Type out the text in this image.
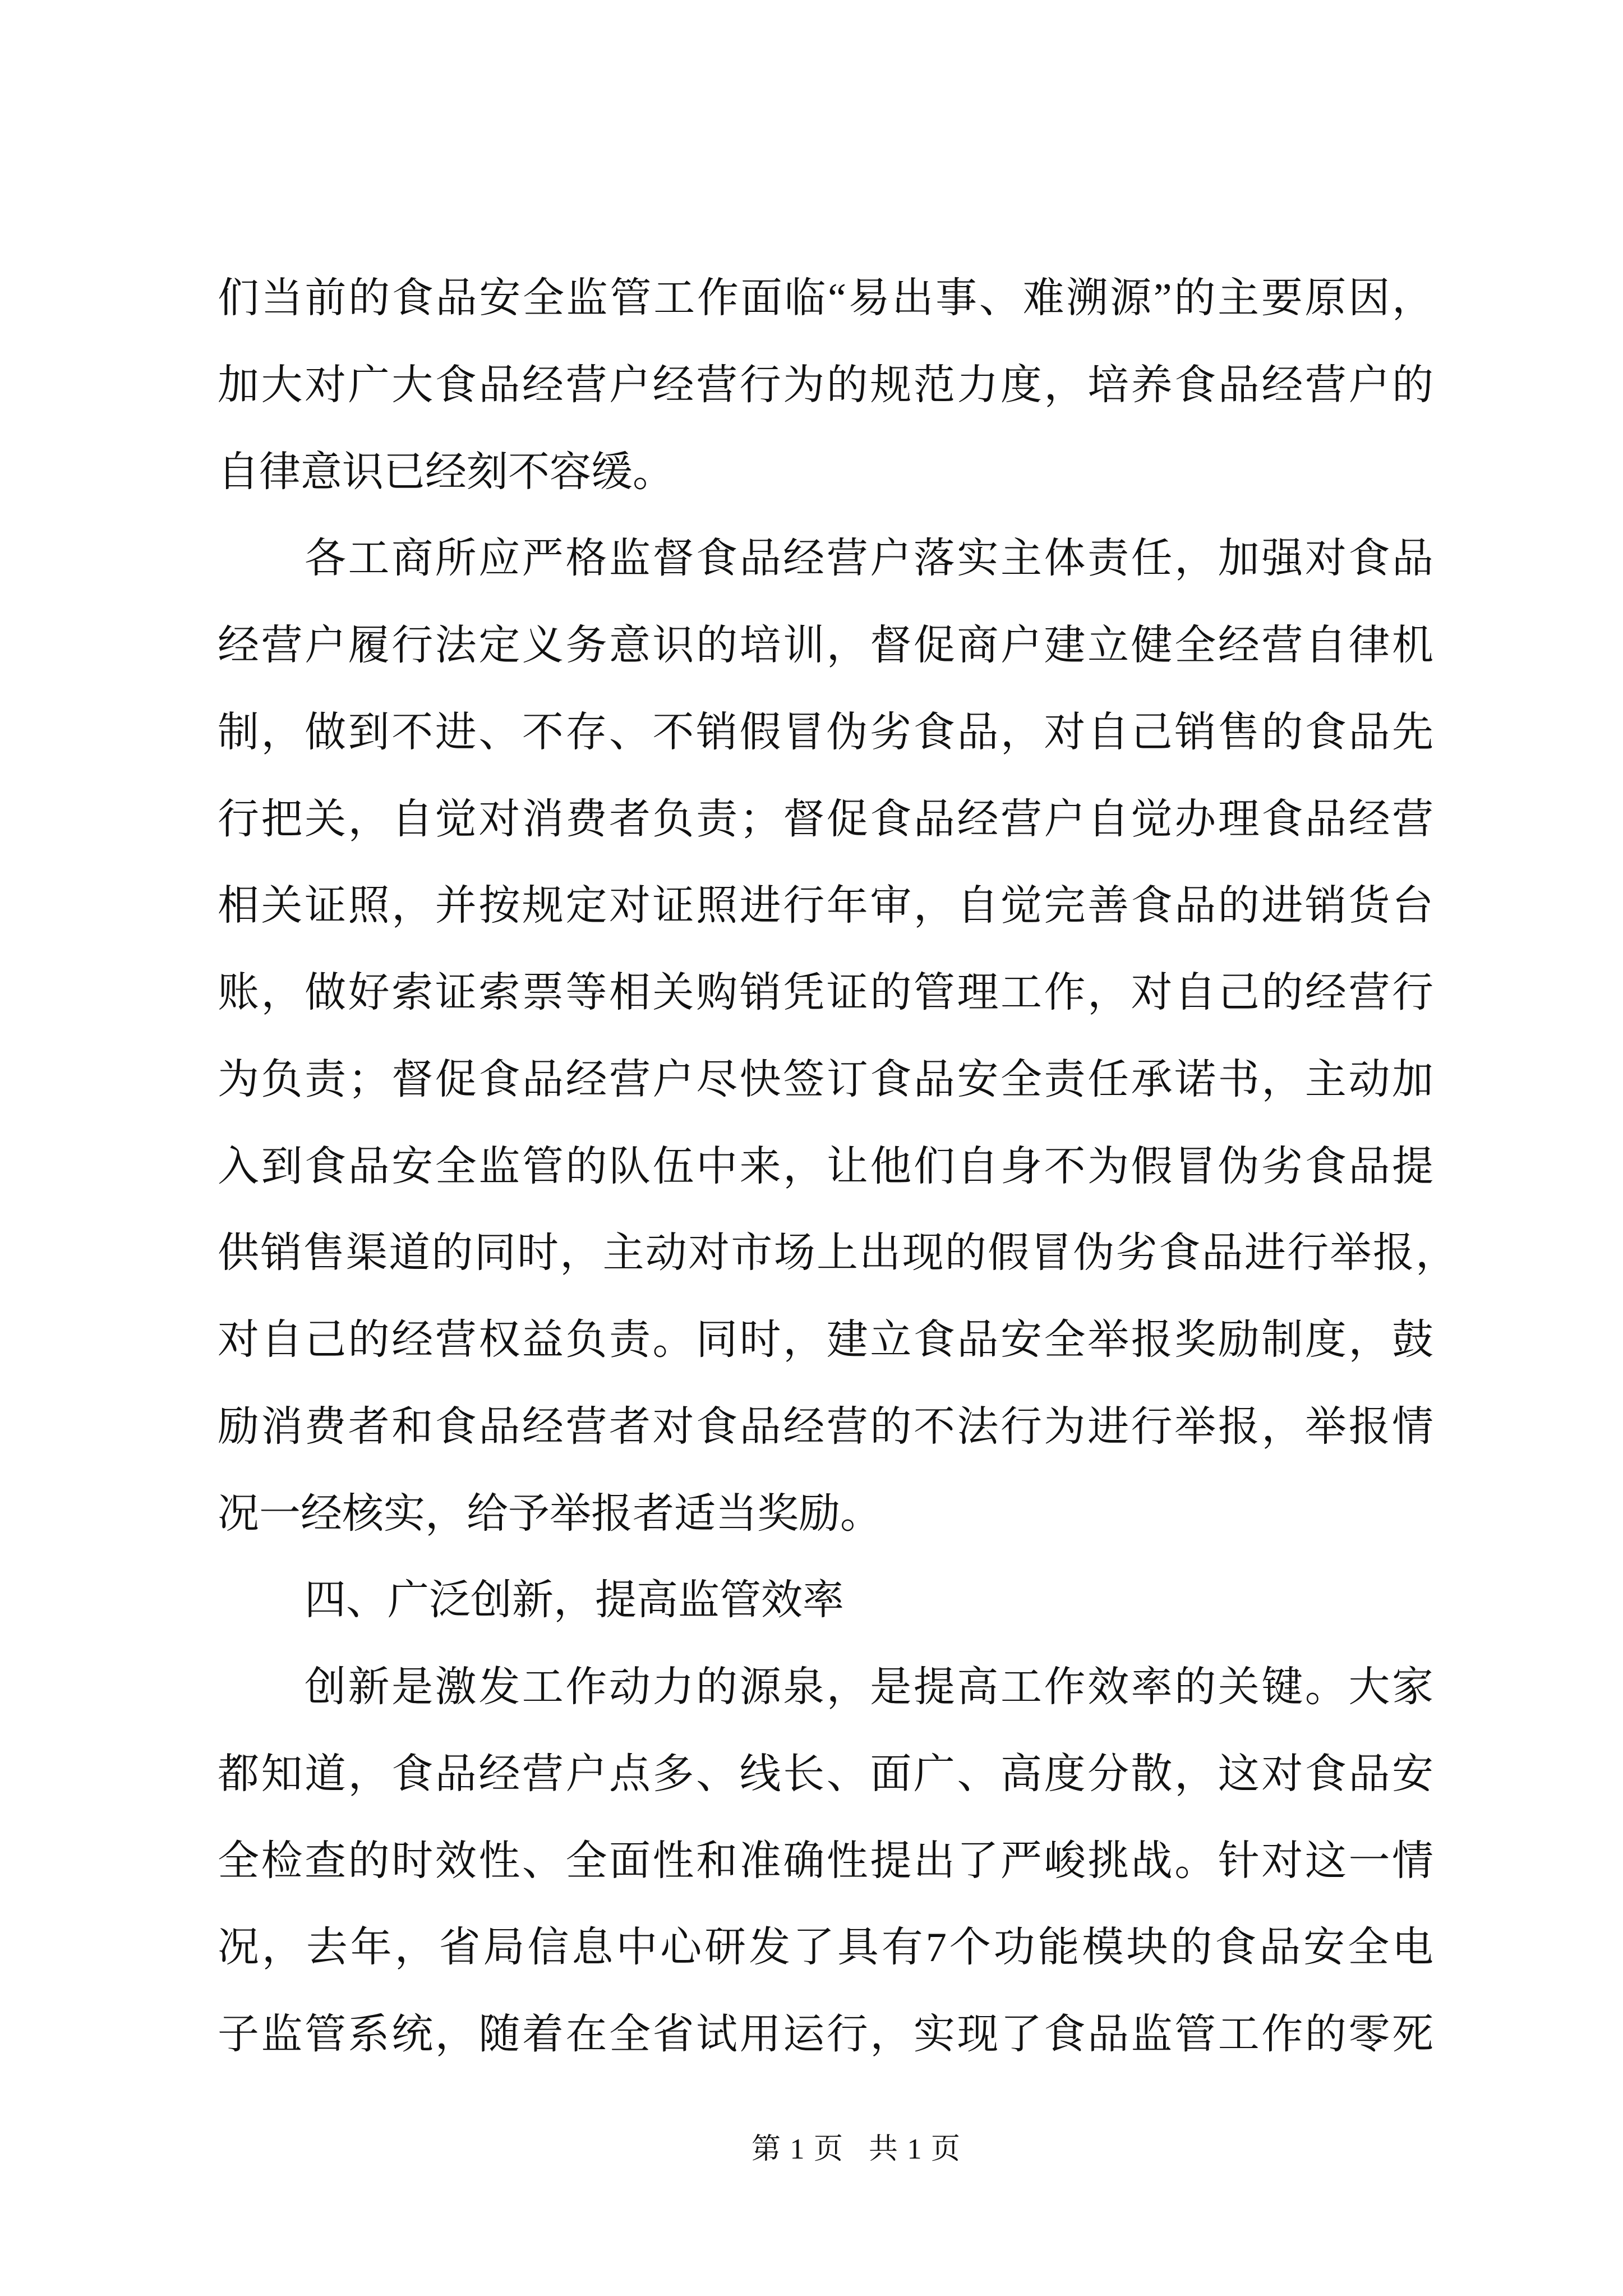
们当前的食品安全监管工作面临“易出事、难溯源”的主要原因，
加大对广大食品经营户经营行为的规范力度，培养食品经营户的
自律意识已经刻不容缓。
各工商所应严格监督食品经营户落实主体责任，加强对食品
经营户履行法定义务意识的培训，督促商户建立健全经营自律机
制，做到不进、不存、不销假冒伪劣食品，对自己销售的食品先
行把关，自觉对消费者负责；督促食品经营户自觉办理食品经营
相关证照，并按规定对证照进行年审，自觉完善食品的进销货台
账，做好索证索票等相关购销凭证的管理工作，对自己的经营行
为负责；督促食品经营户尽快签订食品安全责任承诺书，主动加
入到食品安全监管的队伍中来，让他们自身不为假冒伪劣食品提
供销售渠道的同时，主动对市场上出现的假冒伪劣食品进行举报，
对自己的经营权益负责。同时，建立食品安全举报奖励制度，鼓
励消费者和食品经营者对食品经营的不法行为进行举报，举报情
况一经核实，给予举报者适当奖励。
四、广泛创新，提高监管效率
创新是激发工作动力的源泉，是提高工作效率的关键。大家
都知道，食品经营户点多、线长、面广、高度分散，这对食品安
全检查的时效性、全面性和准确性提出了严峻挑战。针对这一情
况，去年，省局信息中心研发了具有7个功能模块的食品安全电
子监管系统，随着在全省试用运行，实现了食品监管工作的零死
第1页 共1页
